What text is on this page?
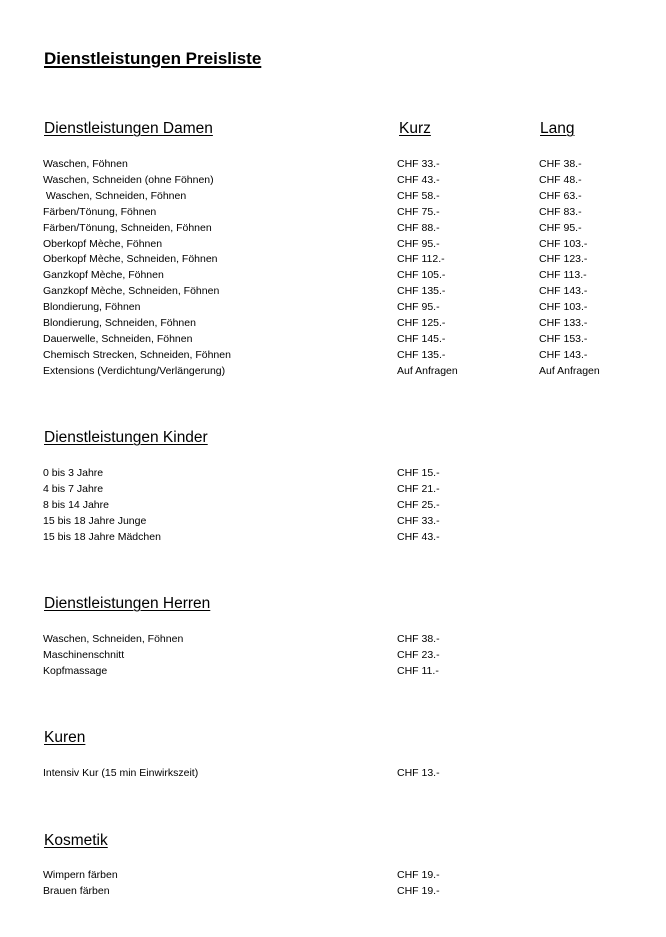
Dienstleistungen Preisliste
Dienstleistungen Damen	Kurz	Lang
Waschen, Föhnen	CHF 33.-	CHF 38.-
Waschen, Schneiden (ohne Föhnen)	CHF 43.-	CHF 48.-
Waschen, Schneiden, Föhnen	CHF 58.-	CHF 63.-
Färben/Tönung, Föhnen	CHF 75.-	CHF 83.-
Färben/Tönung, Schneiden, Föhnen	CHF 88.-	CHF 95.-
Oberkopf Mèche, Föhnen	CHF 95.-	CHF 103.-
Oberkopf Mèche, Schneiden, Föhnen	CHF 112.-	CHF 123.-
Ganzkopf Mèche, Föhnen	CHF 105.-	CHF 113.-
Ganzkopf Mèche, Schneiden, Föhnen	CHF 135.-	CHF 143.-
Blondierung, Föhnen	CHF 95.-	CHF 103.-
Blondierung, Schneiden, Föhnen	CHF 125.-	CHF 133.-
Dauerwelle, Schneiden, Föhnen	CHF 145.-	CHF 153.-
Chemisch Strecken, Schneiden, Föhnen	CHF 135.-	CHF 143.-
Extensions (Verdichtung/Verlängerung)	Auf Anfragen	Auf Anfragen
Dienstleistungen Kinder
0 bis 3 Jahre	CHF 15.-
4 bis 7 Jahre	CHF 21.-
8 bis 14 Jahre	CHF 25.-
15 bis 18 Jahre Junge	CHF 33.-
15 bis 18 Jahre Mädchen	CHF 43.-
Dienstleistungen Herren
Waschen, Schneiden, Föhnen	CHF 38.-
Maschinenschnitt	CHF 23.-
Kopfmassage	CHF 11.-
Kuren
Intensiv Kur (15 min Einwirkszeit)	CHF 13.-
Kosmetik
Wimpern färben	CHF 19.-
Brauen färben	CHF 19.-
